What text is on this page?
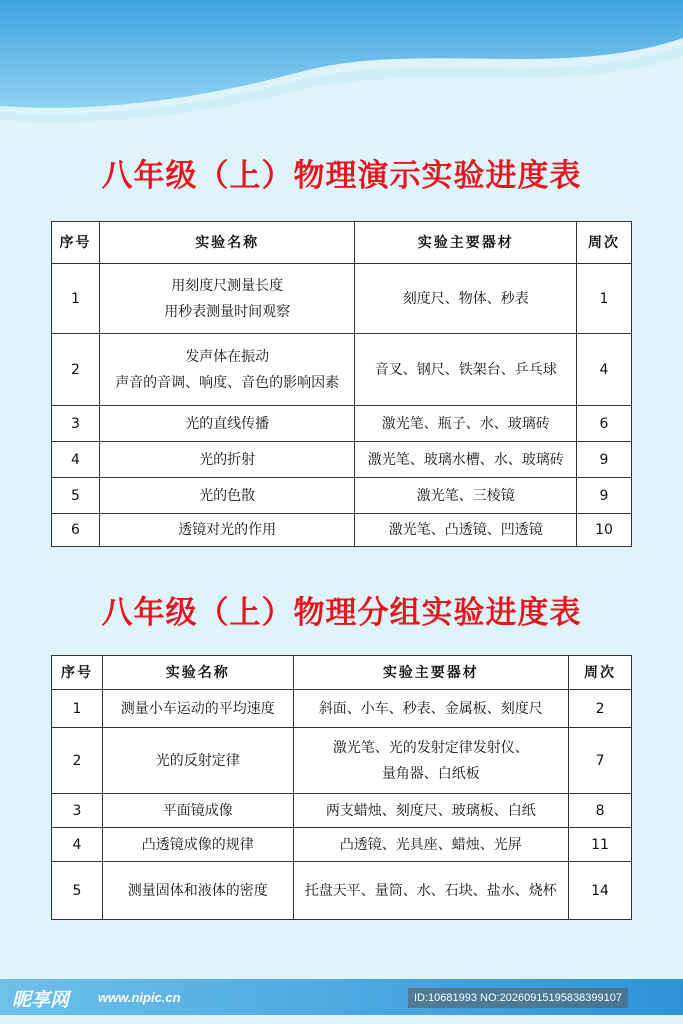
八年级（上）物理演示实验进度表
序号	实验名称	实验主要器材	周次
1	用刻度尺测量长度
用秒表测量时间观察	刻度尺、物体、秒表	1
2	发声体在振动
声音的音调、响度、音色的影响因素	音叉、钢尺、铁架台、乒乓球	4
3	光的直线传播	激光笔、瓶子、水、玻璃砖	6
4	光的折射	激光笔、玻璃水槽、水、玻璃砖	9
5	光的色散	激光笔、三棱镜	9
6	透镜对光的作用	激光笔、凸透镜、凹透镜	10
八年级（上）物理分组实验进度表
序号	实验名称	实验主要器材	周次
1	测量小车运动的平均速度	斜面、小车、秒表、金属板、刻度尺	2
2	光的反射定律	激光笔、光的发射定律发射仪、
量角器、白纸板	7
3	平面镜成像	两支蜡烛、刻度尺、玻璃板、白纸	8
4	凸透镜成像的规律	凸透镜、光具座、蜡烛、光屏	11
5	测量固体和液体的密度	托盘天平、量筒、水、石块、盐水、烧杯	14
昵享网 www.nipic.cn	ID:10681993 NO:20260915195838399107
